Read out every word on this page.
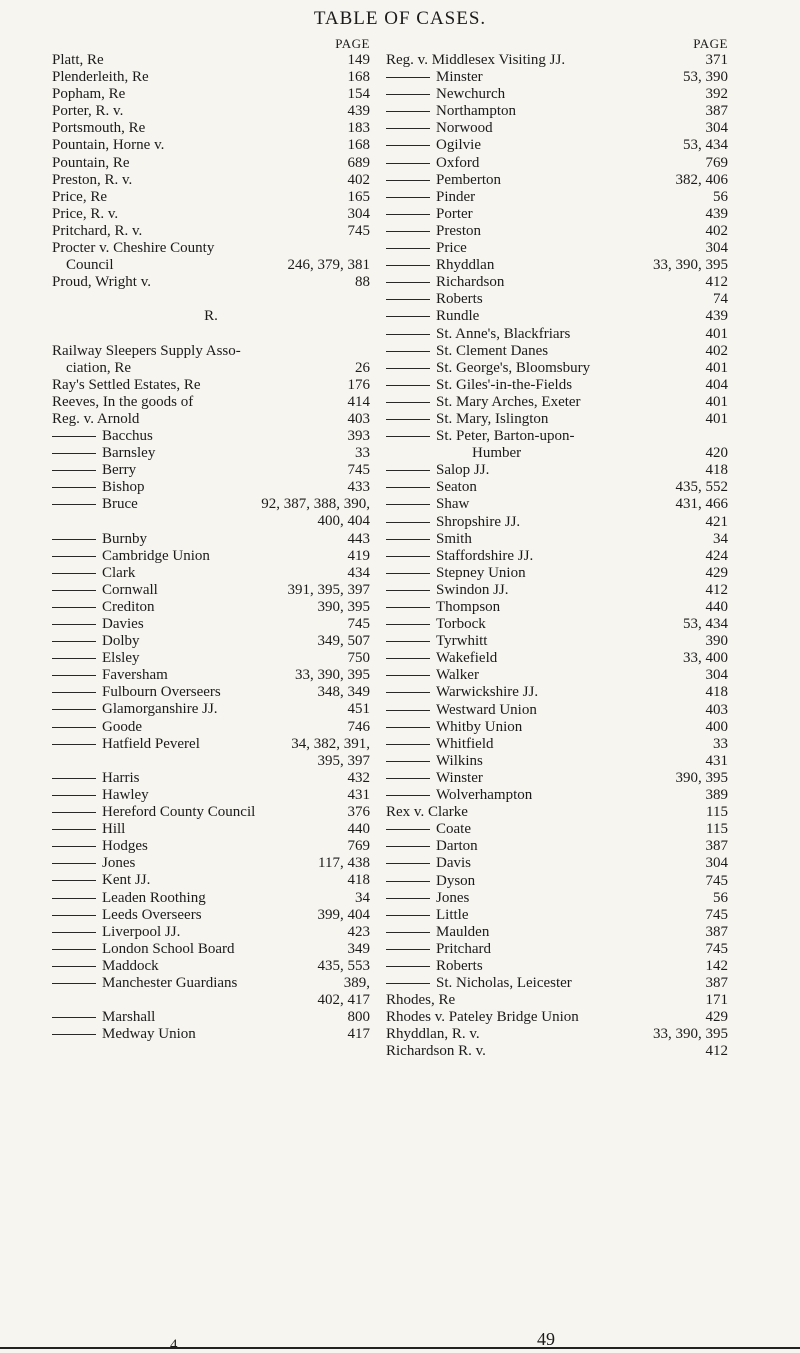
TABLE OF CASES.
PAGE
Platt, Re	149
Plenderleith, Re	168
Popham, Re	154
Porter, R. v.	439
Portsmouth, Re	183
Pountain, Horne v.	168
Pountain, Re	689
Preston, R. v.	402
Price, Re	165
Price, R. v.	304
Pritchard, R. v.	745
Procter v. Cheshire County
Council	246, 379, 381
Proud, Wright v.	88
R.
Railway Sleepers Supply Asso-
ciation, Re	26
Ray's Settled Estates, Re	176
Reeves, In the goods of	414
Reg. v. Arnold	403
Bacchus	393
Barnsley	33
Berry	745
Bishop	433
Bruce	92, 387, 388, 390,
400, 404
Burnby	443
Cambridge Union	419
Clark	434
Cornwall	391, 395, 397
Crediton	390, 395
Davies	745
Dolby	349, 507
Elsley	750
Faversham	33, 390, 395
Fulbourn Overseers	348, 349
Glamorganshire JJ.	451
Goode	746
Hatfield Peverel	34, 382, 391,
395, 397
Harris	432
Hawley	431
Hereford County Council	376
Hill	440
Hodges	769
Jones	117, 438
Kent JJ.	418
Leaden Roothing	34
Leeds Overseers	399, 404
Liverpool JJ.	423
London School Board	349
Maddock	435, 553
Manchester Guardians	389,
402, 417
Marshall	800
Medway Union	417
PAGE
Reg. v. Middlesex Visiting JJ.	371
Minster	53, 390
Newchurch	392
Northampton	387
Norwood	304
Ogilvie	53, 434
Oxford	769
Pemberton	382, 406
Pinder	56
Porter	439
Preston	402
Price	304
Rhyddlan	33, 390, 395
Richardson	412
Roberts	74
Rundle	439
St. Anne's, Blackfriars	401
St. Clement Danes	402
St. George's, Bloomsbury	401
St. Giles'-in-the-Fields	404
St. Mary Arches, Exeter	401
St. Mary, Islington	401
St. Peter, Barton-upon-
Humber	420
Salop JJ.	418
Seaton	435, 552
Shaw	431, 466
Shropshire JJ.	421
Smith	34
Staffordshire JJ.	424
Stepney Union	429
Swindon JJ.	412
Thompson	440
Torbock	53, 434
Tyrwhitt	390
Wakefield	33, 400
Walker	304
Warwickshire JJ.	418
Westward Union	403
Whitby Union	400
Whitfield	33
Wilkins	431
Winster	390, 395
Wolverhampton	389
Rex v. Clarke	115
Coate	115
Darton	387
Davis	304
Dyson	745
Jones	56
Little	745
Maulden	387
Pritchard	745
Roberts	142
St. Nicholas, Leicester	387
Rhodes, Re	171
Rhodes v. Pateley Bridge Union	429
Rhyddlan, R. v.	33, 390, 395
Richardson R. v.	412
4	49
